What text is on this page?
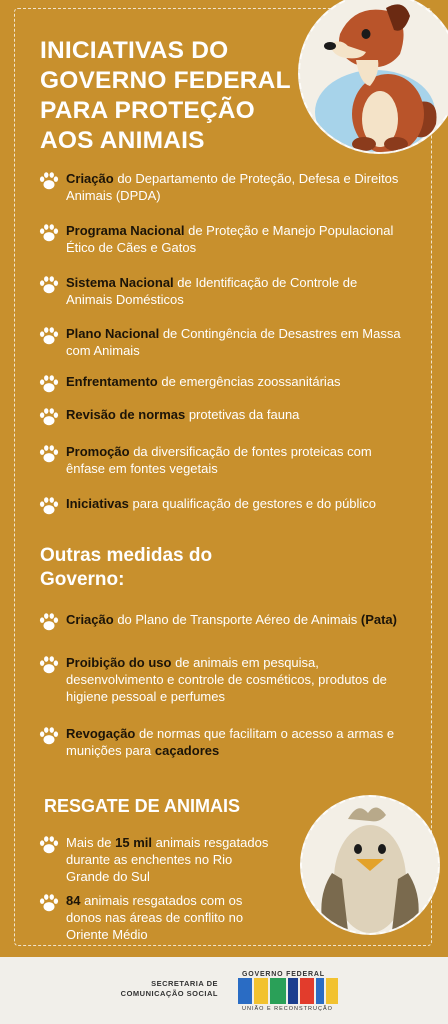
INICIATIVAS DO GOVERNO FEDERAL PARA PROTEÇÃO AOS ANIMAIS
Criação do Departamento de Proteção, Defesa e Direitos Animais (DPDA)
Programa Nacional de Proteção e Manejo Populacional Ético de Cães e Gatos
Sistema Nacional de Identificação de Controle de Animais Domésticos
Plano Nacional de Contingência de Desastres em Massa com Animais
Enfrentamento de emergências zoossanitárias
Revisão de normas protetivas da fauna
Promoção da diversificação de fontes proteicas com ênfase em fontes vegetais
Iniciativas para qualificação de gestores e do público
Outras medidas do Governo:
Criação do Plano de Transporte Aéreo de Animais (Pata)
Proibição do uso de animais em pesquisa, desenvolvimento e controle de cosméticos, produtos de higiene pessoal e perfumes
Revogação de normas que facilitam o acesso a armas e munições para caçadores
RESGATE DE ANIMAIS
Mais de 15 mil animais resgatados durante as enchentes no Rio Grande do Sul
84 animais resgatados com os donos nas áreas de conflito no Oriente Médio
SECRETARIA DE
COMUNICAÇÃO SOCIAL
GOVERNO FEDERAL
UNIÃO E RECONSTRUÇÃO
